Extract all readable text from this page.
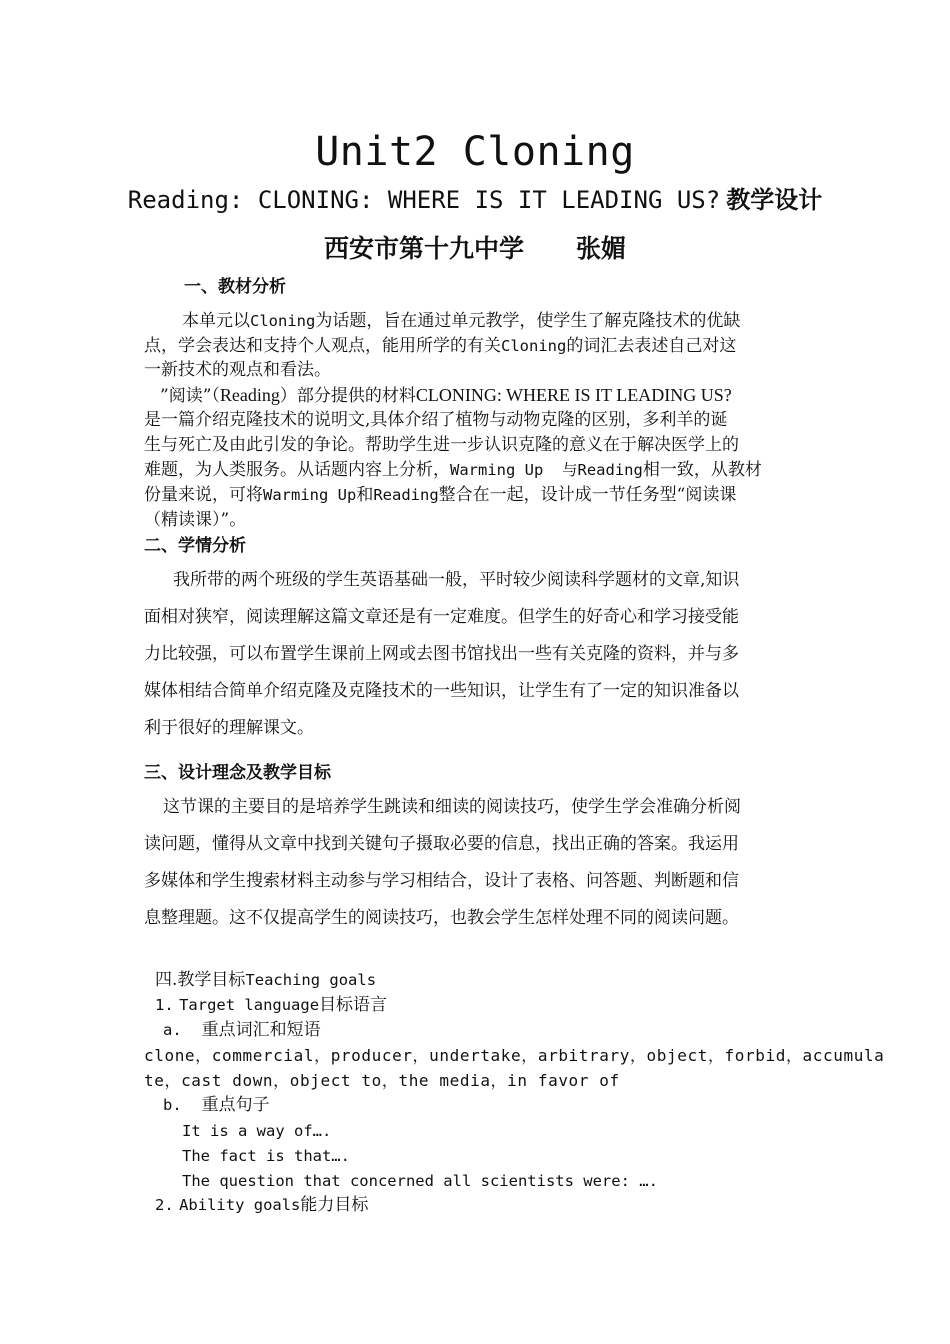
Unit2 Cloning
Reading: CLONING: WHERE IS IT LEADING US? 教学设计
西安市第十九中学 张媚
一、教材分析
本单元以Cloning为话题，旨在通过单元教学，使学生了解克隆技术的优缺
点，学会表达和支持个人观点，能用所学的有关Cloning的词汇去表述自己对这
一新技术的观点和看法。
”阅读”（Reading）部分提供的材料CLONING: WHERE IS IT LEADING US?
是一篇介绍克隆技术的说明文,具体介绍了植物与动物克隆的区别，多利羊的诞
生与死亡及由此引发的争论。帮助学生进一步认识克隆的意义在于解决医学上的
难题，为人类服务。从话题内容上分析，Warming Up  与Reading相一致，从教材
份量来说，可将Warming Up和Reading整合在一起，设计成一节任务型“阅读课
（精读课）”。
二、学情分析
我所带的两个班级的学生英语基础一般，平时较少阅读科学题材的文章,知识
面相对狭窄，阅读理解这篇文章还是有一定难度。但学生的好奇心和学习接受能
力比较强，可以布置学生课前上网或去图书馆找出一些有关克隆的资料，并与多
媒体相结合简单介绍克隆及克隆技术的一些知识，让学生有了一定的知识准备以
利于很好的理解课文。
三、设计理念及教学目标
这节课的主要目的是培养学生跳读和细读的阅读技巧，使学生学会准确分析阅
读问题，懂得从文章中找到关键句子摄取必要的信息，找出正确的答案。我运用
多媒体和学生搜索材料主动参与学习相结合，设计了表格、问答题、判断题和信
息整理题。这不仅提高学生的阅读技巧，也教会学生怎样处理不同的阅读问题。
四.教学目标Teaching goals
1. Target language目标语言
a. 重点词汇和短语
clone，commercial，producer，undertake，arbitrary，object，forbid，accumula
te，cast down，object to，the media，in favor of
b. 重点句子
It is a way of….
The fact is that….
The question that concerned all scientists were: ….
2. Ability goals能力目标
